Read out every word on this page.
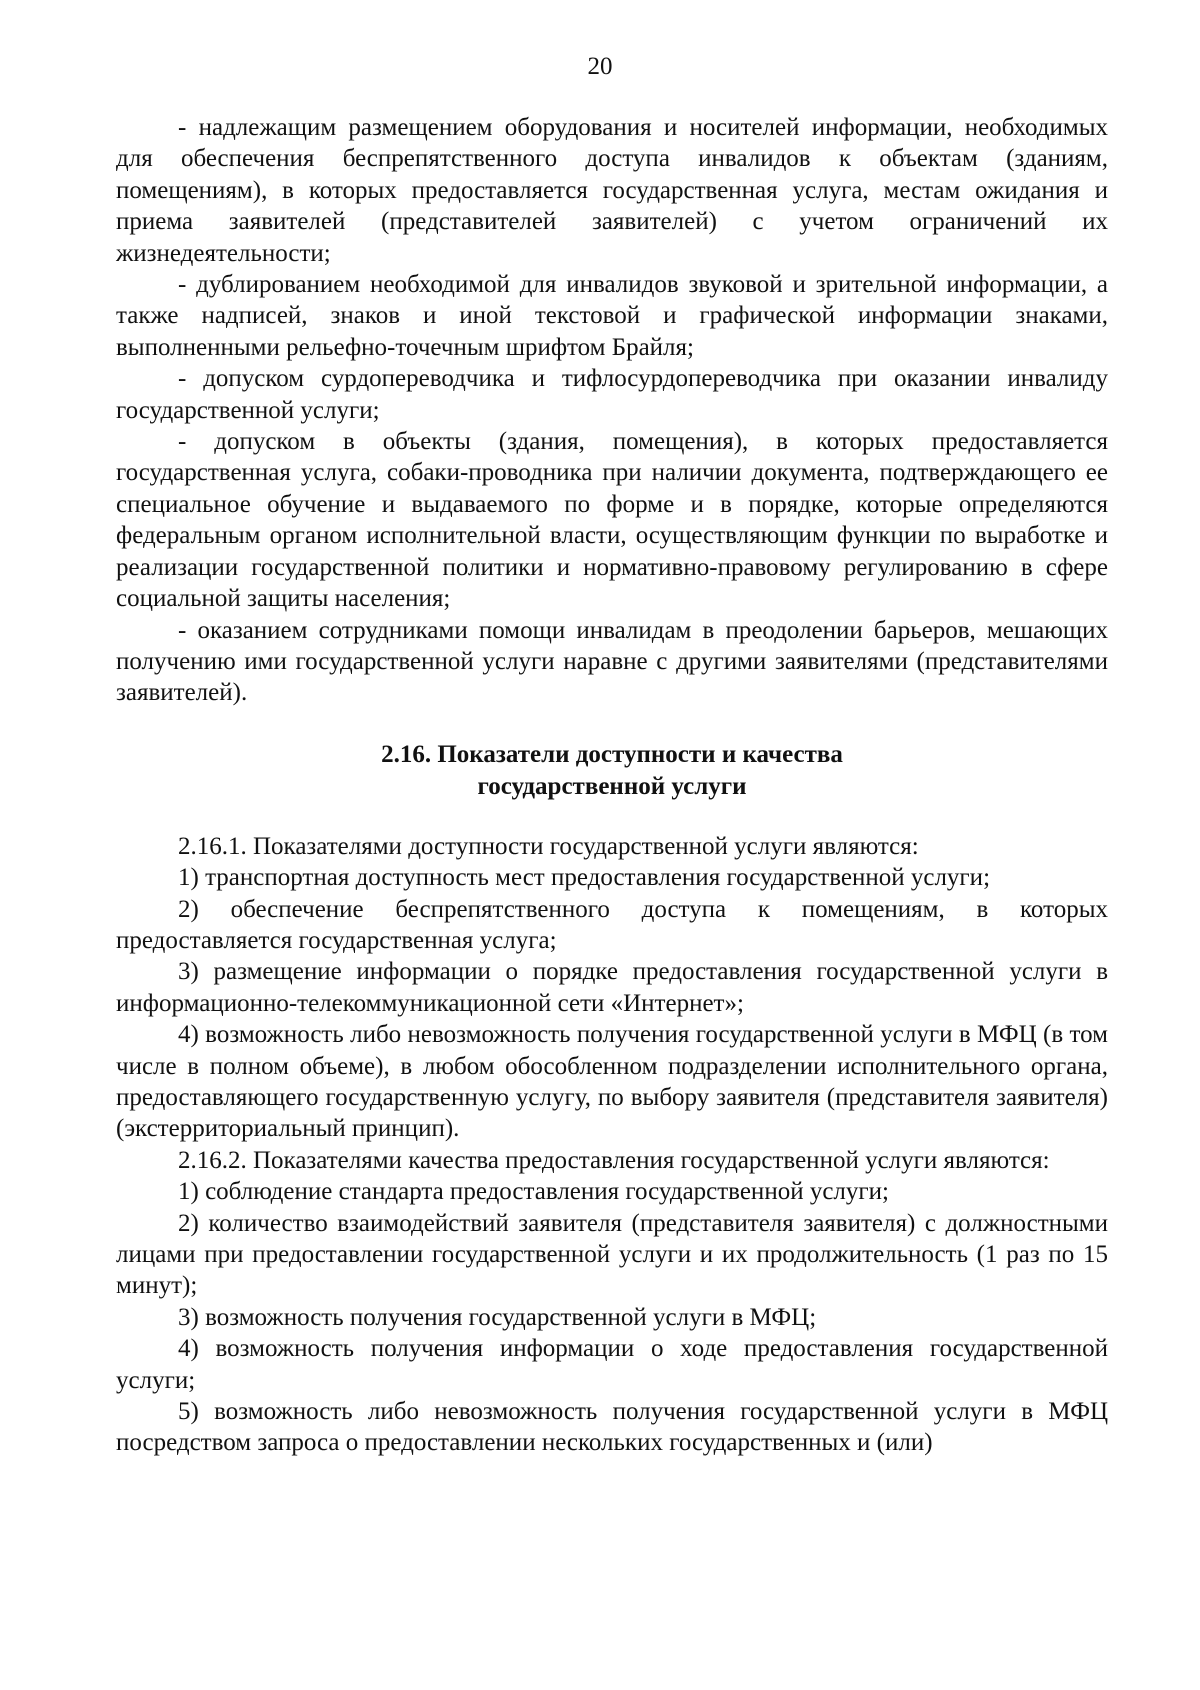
20

- надлежащим размещением оборудования и носителей информации, необходимых для обеспечения беспрепятственного доступа инвалидов к объектам (зданиям, помещениям), в которых предоставляется государственная услуга, местам ожидания и приема заявителей (представителей заявителей) с учетом ограничений их жизнедеятельности;

- дублированием необходимой для инвалидов звуковой и зрительной информации, а также надписей, знаков и иной текстовой и графической информации знаками, выполненными рельефно-точечным шрифтом Брайля;

- допуском сурдопереводчика и тифлосурдопереводчика при оказании инвалиду государственной услуги;

- допуском в объекты (здания, помещения), в которых предоставляется государственная услуга, собаки-проводника при наличии документа, подтверждающего ее специальное обучение и выдаваемого по форме и в порядке, которые определяются федеральным органом исполнительной власти, осуществляющим функции по выработке и реализации государственной политики и нормативно-правовому регулированию в сфере социальной защиты населения;

- оказанием сотрудниками помощи инвалидам в преодолении барьеров, мешающих получению ими государственной услуги наравне с другими заявителями (представителями заявителей).

2.16. Показатели доступности и качества
государственной услуги

2.16.1. Показателями доступности государственной услуги являются:

1) транспортная доступность мест предоставления государственной услуги;

2) обеспечение беспрепятственного доступа к помещениям, в которых предоставляется государственная услуга;

3) размещение информации о порядке предоставления государственной услуги в информационно-телекоммуникационной сети «Интернет»;

4) возможность либо невозможность получения государственной услуги в МФЦ (в том числе в полном объеме), в любом обособленном подразделении исполнительного органа, предоставляющего государственную услугу, по выбору заявителя (представителя заявителя) (экстерриториальный принцип).

2.16.2. Показателями качества предоставления государственной услуги являются:

1) соблюдение стандарта предоставления государственной услуги;

2) количество взаимодействий заявителя (представителя заявителя) с должностными лицами при предоставлении государственной услуги и их продолжительность (1 раз по 15 минут);

3) возможность получения государственной услуги в МФЦ;

4) возможность получения информации о ходе предоставления государственной услуги;

5) возможность либо невозможность получения государственной услуги в МФЦ посредством запроса о предоставлении нескольких государственных и (или)
